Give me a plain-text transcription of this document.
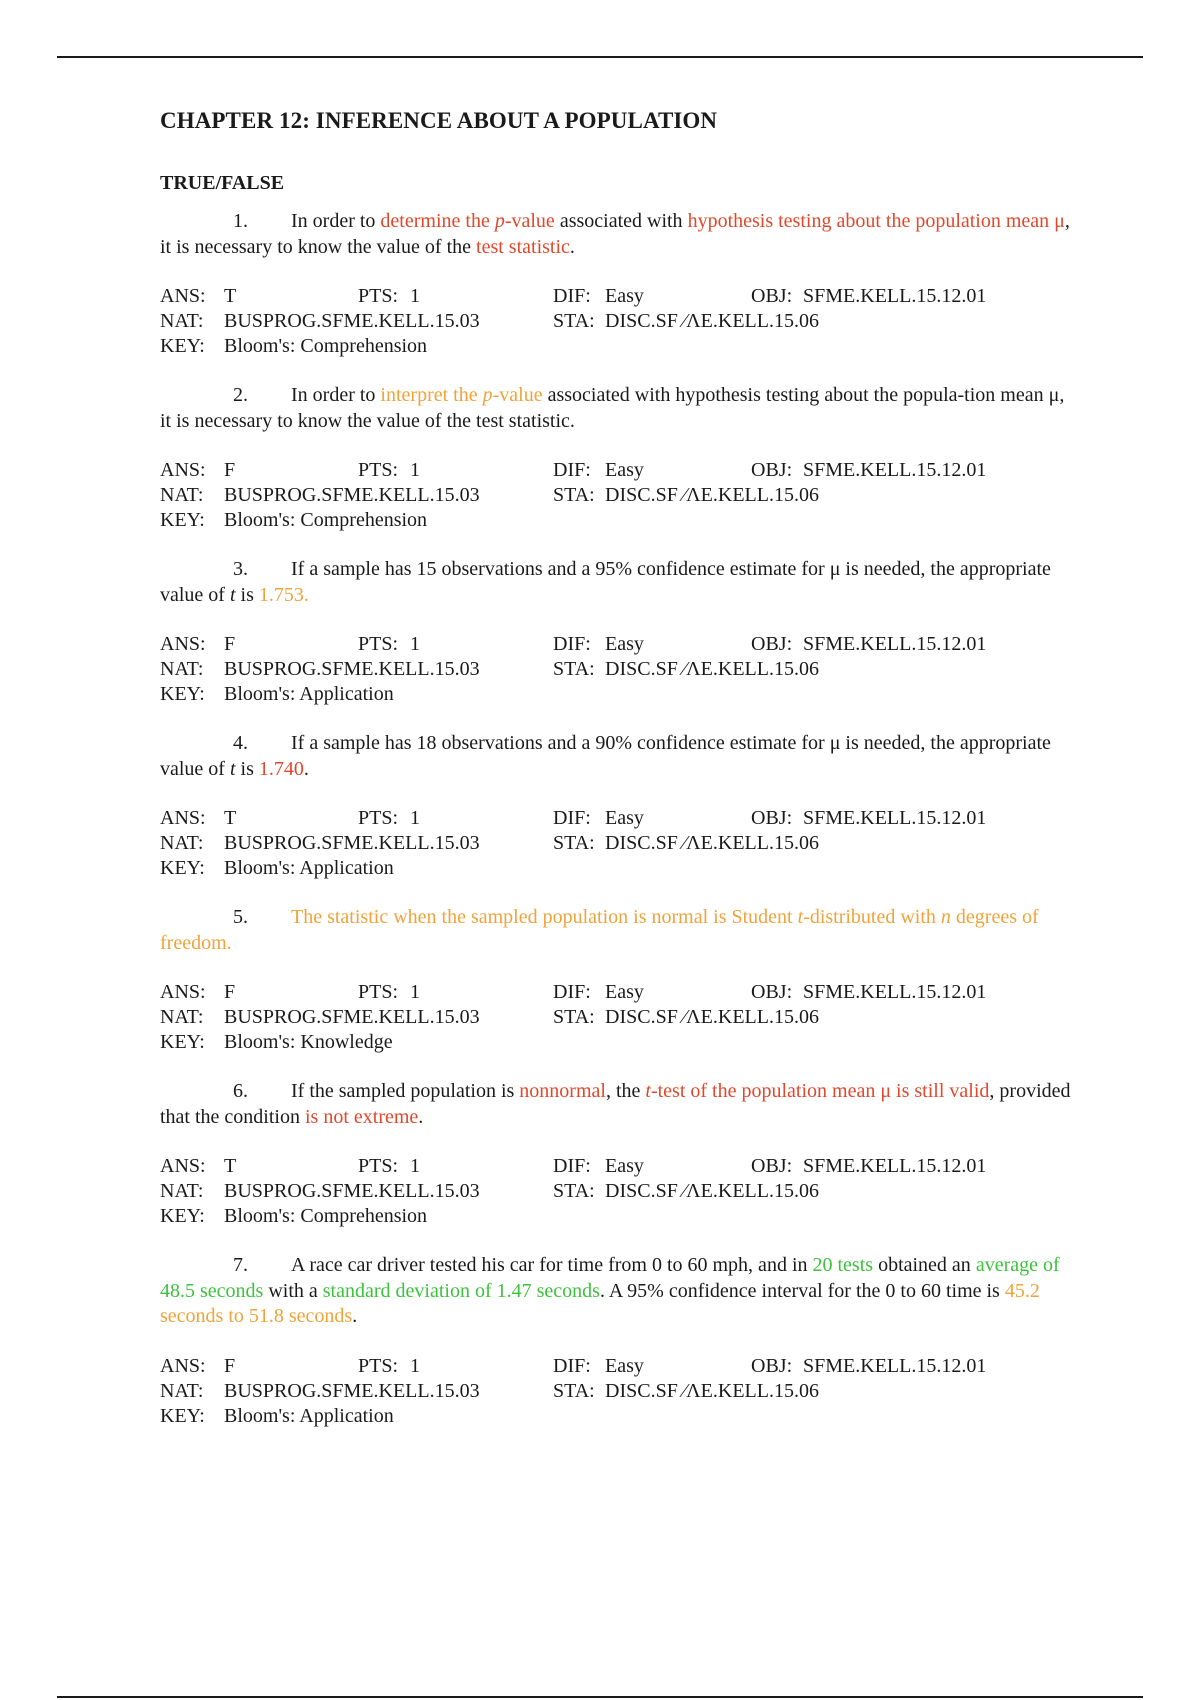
CHAPTER 12: INFERENCE ABOUT A POPULATION
TRUE/FALSE

1. In order to determine the p-value associated with hypothesis testing about the population mean μ, it is necessary to know the value of the test statistic.

ANS: T	PTS: 1	DIF: Easy	OBJ: SFME.KELL.15.12.01
NAT: BUSPROG.SFME.KELL.15.03	STA: DISC.SF ⁄ΛE.KELL.15.06
KEY: Bloom's: Comprehension

2. In order to interpret the p-value associated with hypothesis testing about the popula-tion mean μ, it is necessary to know the value of the test statistic.

ANS: F	PTS: 1	DIF: Easy	OBJ: SFME.KELL.15.12.01
NAT: BUSPROG.SFME.KELL.15.03	STA: DISC.SF ⁄ΛE.KELL.15.06
KEY: Bloom's: Comprehension

3. If a sample has 15 observations and a 95% confidence estimate for μ is needed, the appropriate value of t is 1.753.

ANS: F	PTS: 1	DIF: Easy	OBJ: SFME.KELL.15.12.01
NAT: BUSPROG.SFME.KELL.15.03	STA: DISC.SF ⁄ΛE.KELL.15.06
KEY: Bloom's: Application

4. If a sample has 18 observations and a 90% confidence estimate for μ is needed, the appropriate value of t is 1.740.

ANS: T	PTS: 1	DIF: Easy	OBJ: SFME.KELL.15.12.01
NAT: BUSPROG.SFME.KELL.15.03	STA: DISC.SF ⁄ΛE.KELL.15.06
KEY: Bloom's: Application

5. The statistic when the sampled population is normal is Student t-distributed with n degrees of freedom.

ANS: F	PTS: 1	DIF: Easy	OBJ: SFME.KELL.15.12.01
NAT: BUSPROG.SFME.KELL.15.03	STA: DISC.SF ⁄ΛE.KELL.15.06
KEY: Bloom's: Knowledge

6. If the sampled population is nonnormal, the t-test of the population mean μ is still valid, provided that the condition is not extreme.

ANS: T	PTS: 1	DIF: Easy	OBJ: SFME.KELL.15.12.01
NAT: BUSPROG.SFME.KELL.15.03	STA: DISC.SF ⁄ΛE.KELL.15.06
KEY: Bloom's: Comprehension

7. A race car driver tested his car for time from 0 to 60 mph, and in 20 tests obtained an average of 48.5 seconds with a standard deviation of 1.47 seconds. A 95% confidence interval for the 0 to 60 time is 45.2 seconds to 51.8 seconds.

ANS: F	PTS: 1	DIF: Easy	OBJ: SFME.KELL.15.12.01
NAT: BUSPROG.SFME.KELL.15.03	STA: DISC.SF ⁄ΛE.KELL.15.06
KEY: Bloom's: Application
